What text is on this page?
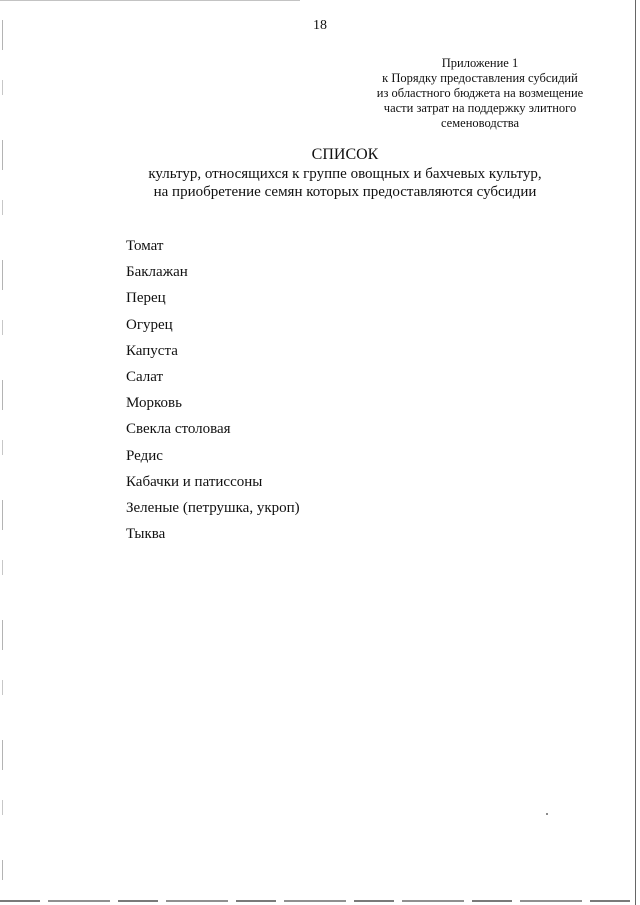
18
Приложение 1
к Порядку предоставления субсидий
из областного бюджета на возмещение
части затрат на поддержку элитного
семеноводства
СПИСОК
культур, относящихся к группе овощных и бахчевых культур,
на приобретение семян которых предоставляются субсидии
Томат
Баклажан
Перец
Огурец
Капуста
Салат
Морковь
Свекла столовая
Редис
Кабачки и патиссоны
Зеленые (петрушка, укроп)
Тыква
